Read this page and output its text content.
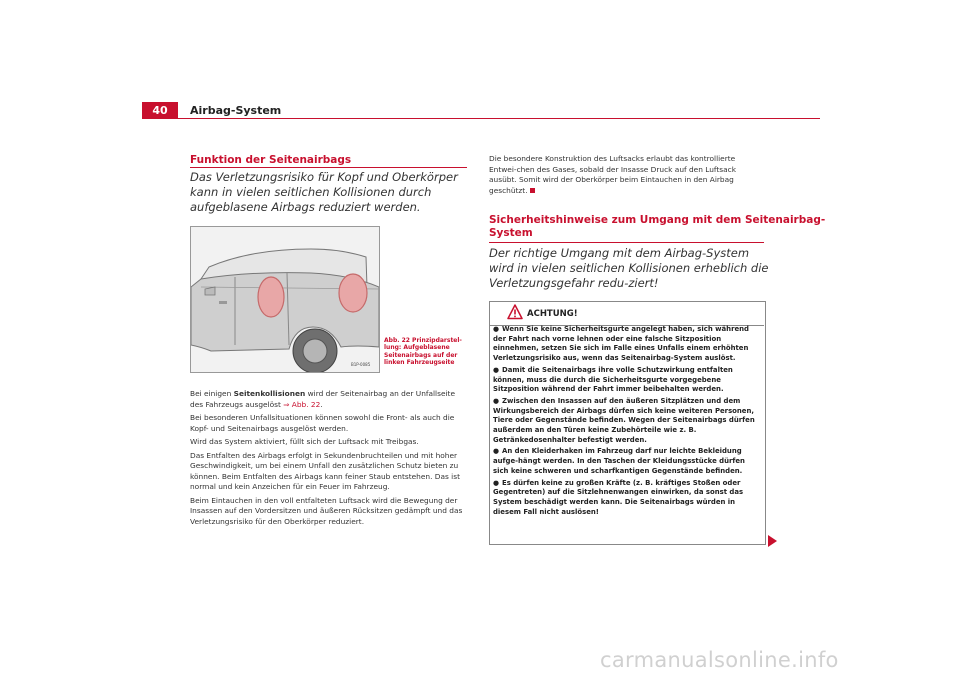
40	Airbag-System
Funktion der Seitenairbags
Das Verletzungsrisiko für Kopf und Oberkörper kann in vielen seitlichen Kollisionen durch aufgeblasene Airbags reduziert werden.
B1P-0085
Abb. 22 Prinzipdarstel-lung: Aufgeblasene Seitenairbags auf der linken Fahrzeugseite

Bei einigen Seitenkollisionen wird der Seitenairbag an der Unfallseite des Fahrzeugs ausgelöst ⇒ Abb. 22.

Bei besonderen Unfallsituationen können sowohl die Front- als auch die Kopf- und Seitenairbags ausgelöst werden.

Wird das System aktiviert, füllt sich der Luftsack mit Treibgas.

Das Entfalten des Airbags erfolgt in Sekundenbruchteilen und mit hoher Geschwindigkeit, um bei einem Unfall den zusätzlichen Schutz bieten zu können. Beim Entfalten des Airbags kann feiner Staub entstehen. Das ist normal und kein Anzeichen für ein Feuer im Fahrzeug.

Beim Eintauchen in den voll entfalteten Luftsack wird die Bewegung der Insassen auf den Vordersitzen und äußeren Rücksitzen gedämpft und das Verletzungsrisiko für den Oberkörper reduziert.

Die besondere Konstruktion des Luftsacks erlaubt das kontrollierte Entwei-chen des Gases, sobald der Insasse Druck auf den Luftsack ausübt. Somit wird der Oberkörper beim Eintauchen in den Airbag geschützt.
Sicherheitshinweise zum Umgang mit dem Seitenairbag-
System
Der richtige Umgang mit dem Airbag-System wird in vielen seitlichen Kollisionen erheblich die Verletzungsgefahr redu-ziert!
ACHTUNG!
● Wenn Sie keine Sicherheitsgurte angelegt haben, sich während der Fahrt nach vorne lehnen oder eine falsche Sitzposition einnehmen, setzen Sie sich im Falle eines Unfalls einem erhöhten Verletzungsrisiko aus, wenn das Seitenairbag-System auslöst.
● Damit die Seitenairbags ihre volle Schutzwirkung entfalten können, muss die durch die Sicherheitsgurte vorgegebene Sitzposition während der Fahrt immer beibehalten werden.
● Zwischen den Insassen auf den äußeren Sitzplätzen und dem Wirkungsbereich der Airbags dürfen sich keine weiteren Personen, Tiere oder Gegenstände befinden. Wegen der Seitenairbags dürfen außerdem an den Türen keine Zubehörteile wie z. B. Getränkedosenhalter befestigt werden.
● An den Kleiderhaken im Fahrzeug darf nur leichte Bekleidung aufge-hängt werden. In den Taschen der Kleidungsstücke dürfen sich keine schweren und scharfkantigen Gegenstände befinden.
● Es dürfen keine zu großen Kräfte (z. B. kräftiges Stoßen oder Gegentreten) auf die Sitzlehnenwangen einwirken, da sonst das System beschädigt werden kann. Die Seitenairbags würden in diesem Fall nicht auslösen!
carmanualsonline.info
